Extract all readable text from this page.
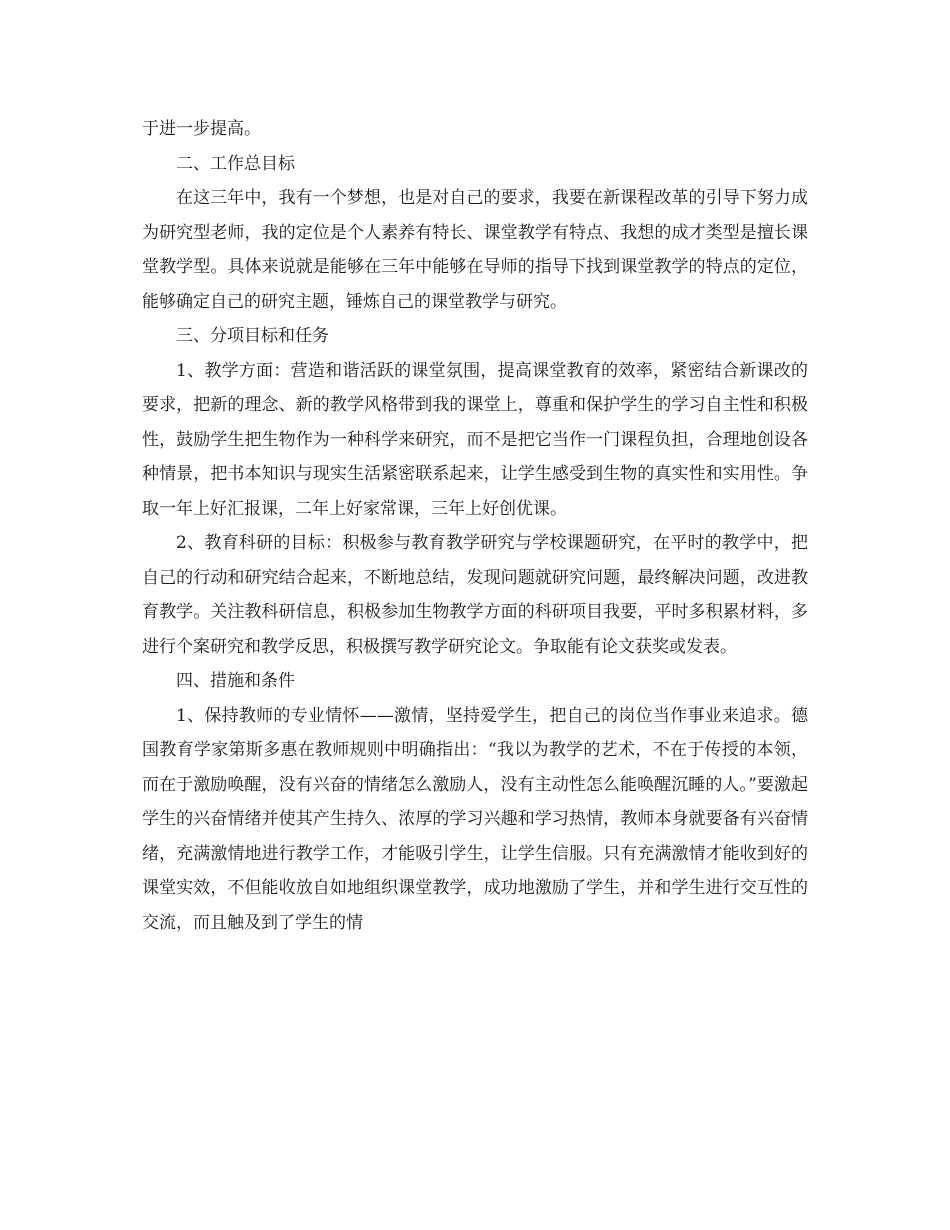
于进一步提高。

二、工作总目标

在这三年中，我有一个梦想，也是对自己的要求，我要在新课程改革的引导下努力成为研究型老师，我的定位是个人素养有特长、课堂教学有特点、我想的成才类型是擅长课堂教学型。具体来说就是能够在三年中能够在导师的指导下找到课堂教学的特点的定位，能够确定自己的研究主题，锤炼自己的课堂教学与研究。

三、分项目标和任务

1、教学方面：营造和谐活跃的课堂氛围，提高课堂教育的效率，紧密结合新课改的要求，把新的理念、新的教学风格带到我的课堂上，尊重和保护学生的学习自主性和积极性，鼓励学生把生物作为一种科学来研究，而不是把它当作一门课程负担，合理地创设各种情景，把书本知识与现实生活紧密联系起来，让学生感受到生物的真实性和实用性。争取一年上好汇报课，二年上好家常课，三年上好创优课。

2、教育科研的目标：积极参与教育教学研究与学校课题研究，在平时的教学中，把自己的行动和研究结合起来，不断地总结，发现问题就研究问题，最终解决问题，改进教育教学。关注教科研信息，积极参加生物教学方面的科研项目我要，平时多积累材料，多进行个案研究和教学反思，积极撰写教学研究论文。争取能有论文获奖或发表。

四、措施和条件

1、保持教师的专业情怀——激情，坚持爱学生，把自己的岗位当作事业来追求。德国教育学家第斯多惠在教师规则中明确指出：“我以为教学的艺术，不在于传授的本领，而在于激励唤醒，没有兴奋的情绪怎么激励人，没有主动性怎么能唤醒沉睡的人。”要激起学生的兴奋情绪并使其产生持久、浓厚的学习兴趣和学习热情，教师本身就要备有兴奋情绪，充满激情地进行教学工作，才能吸引学生，让学生信服。只有充满激情才能收到好的课堂实效，不但能收放自如地组织课堂教学，成功地激励了学生，并和学生进行交互性的交流，而且触及到了学生的情
